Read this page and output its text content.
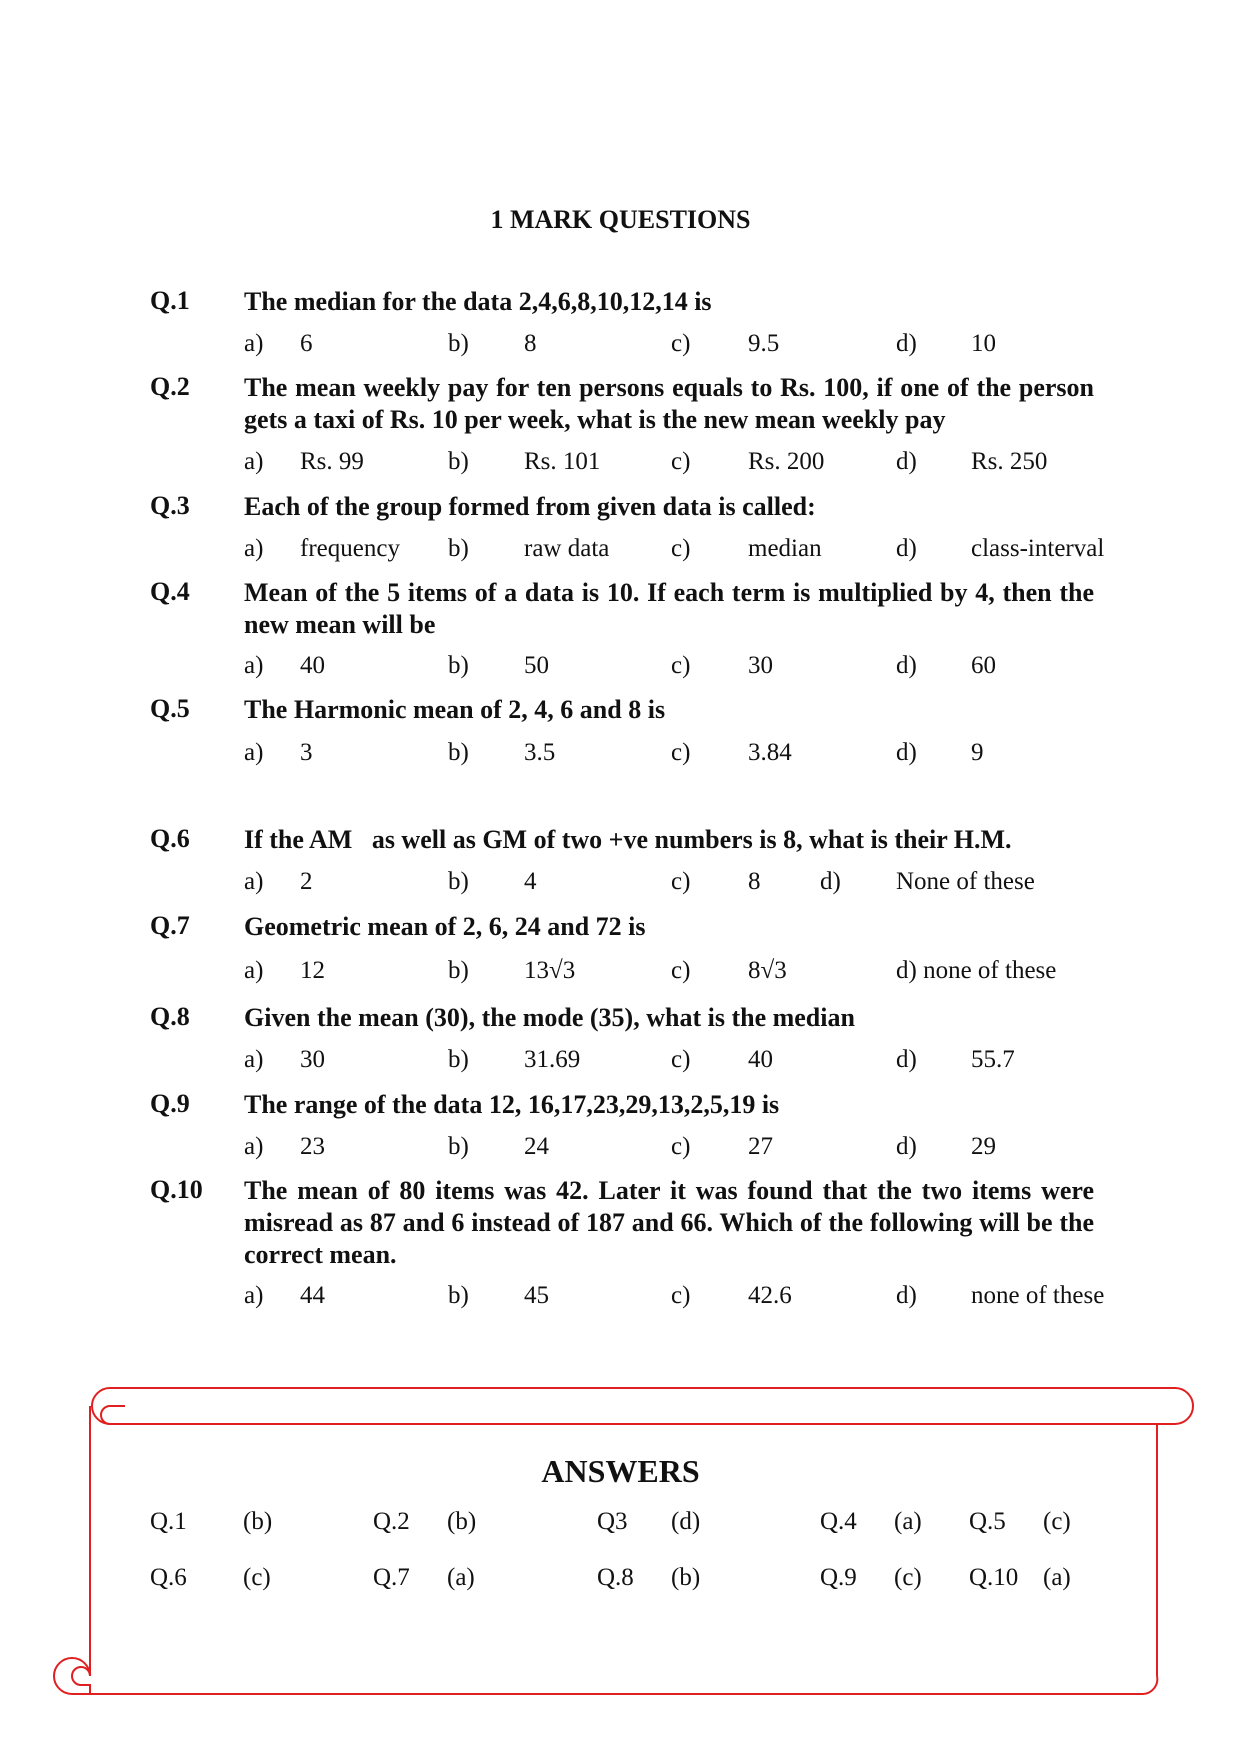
1 MARK QUESTIONS
Q.1 The median for the data 2,4,6,8,10,12,14 is
a) 6	b) 8	c) 9.5	d) 10
Q.2 The mean weekly pay for ten persons equals to Rs. 100, if one of the person gets a taxi of Rs. 10 per week, what is the new mean weekly pay
a) Rs. 99	b) Rs. 101	c) Rs. 200	d) Rs. 250
Q.3 Each of the group formed from given data is called:
a) frequency b) raw data c) median	d) class-interval
Q.4 Mean of the 5 items of a data is 10. If each term is multiplied by 4, then the new mean will be
a) 40	b) 50	c) 30	d) 60
Q.5 The Harmonic mean of 2, 4, 6 and 8 is
a) 3	b) 3.5	c) 3.84	d) 9
Q.6 If the AM   as well as GM of two +ve numbers is 8, what is their H.M.
a) 2	b) 4	c) 8 d) None of these
Q.7 Geometric mean of 2, 6, 24 and 72 is
a) 12	b) 13√3	c) 8√3	d) none of these
Q.8 Given the mean (30), the mode (35), what is the median
a) 30	b) 31.69	c) 40	d) 55.7
Q.9 The range of the data 12, 16,17,23,29,13,2,5,19 is
a) 23	b) 24	c) 27	d) 29
Q.10 The mean of 80 items was 42. Later it was found that the two items were misread as 87 and 6 instead of 187 and 66. Which of the following will be the correct mean.
a) 44	b) 45	c) 42.6	d) none of these
ANSWERS
Q.1 (b)	Q.2 (b)	Q3 (d)	Q.4 (a) Q.5 (c)
Q.6 (c)	Q.7 (a)	Q.8 (b)	Q.9 (c) Q.10 (a)
